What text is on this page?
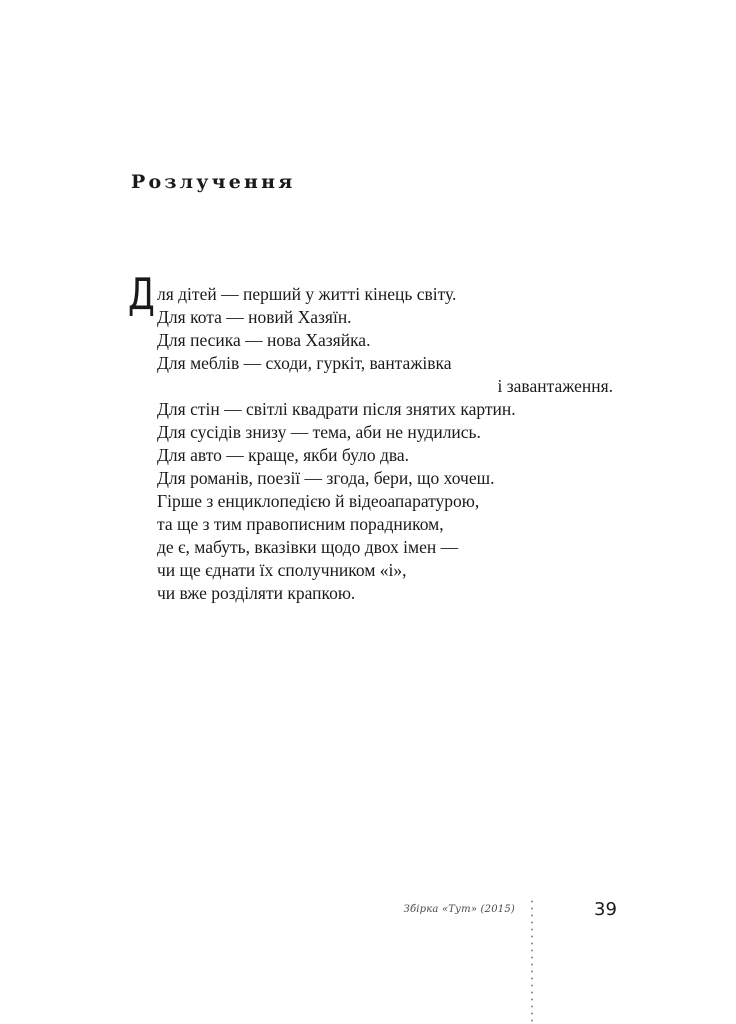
Розлучення
Д ля дітей — перший у житті кінець світу.
Для кота — новий Хазяїн.
Для песика — нова Хазяйка.
Для меблів — сходи, гуркіт, вантажівка
і завантаження.
Для стін — світлі квадрати після знятих картин.
Для сусідів знизу — тема, аби не нудились.
Для авто — краще, якби було два.
Для романів, поезії — згода, бери, що хочеш.
Гірше з енциклопедією й відеоапаратурою,
та ще з тим правописним порадником,
де є, мабуть, вказівки щодо двох імен —
чи ще єднати їх сполучником «і»,
чи вже розділяти крапкою.
Збірка «Тут» (2015)	39
